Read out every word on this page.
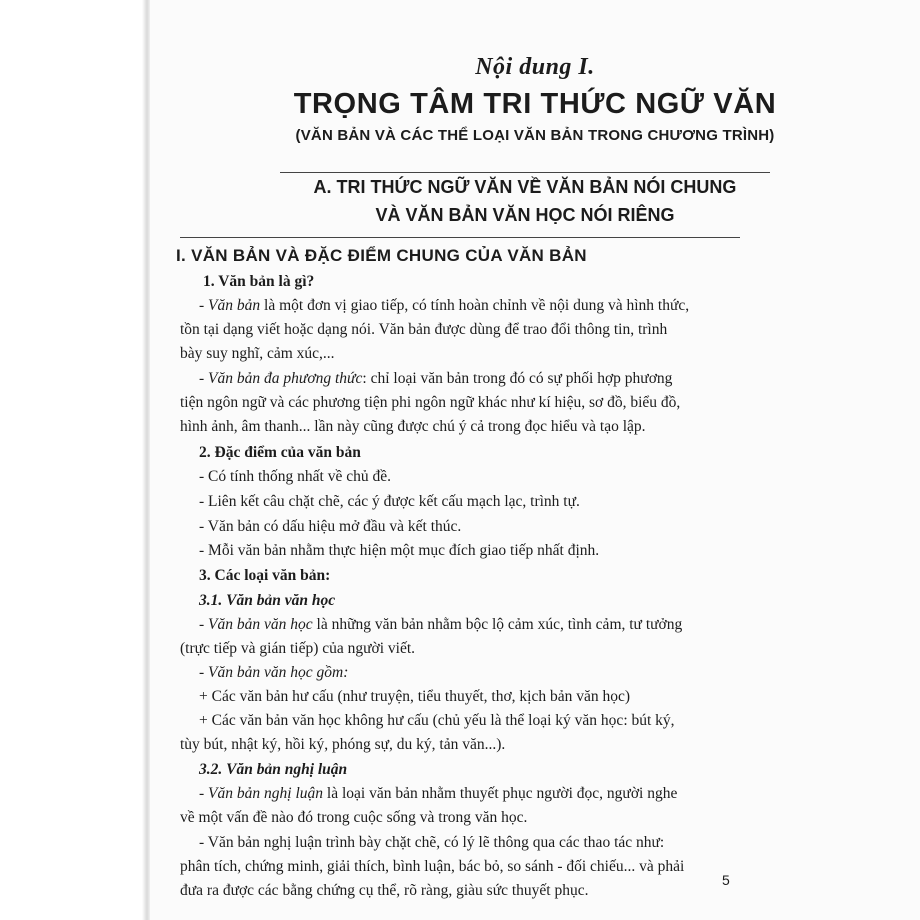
Nội dung I.
TRỌNG TÂM TRI THỨC NGỮ VĂN
(VĂN BẢN VÀ CÁC THỂ LOẠI VĂN BẢN TRONG CHƯƠNG TRÌNH)
A. TRI THỨC NGỮ VĂN VỀ VĂN BẢN NÓI CHUNG
VÀ VĂN BẢN VĂN HỌC NÓI RIÊNG
I. VĂN BẢN VÀ ĐẶC ĐIỂM CHUNG CỦA VĂN BẢN
1. Văn bản là gì?
- Văn bản là một đơn vị giao tiếp, có tính hoàn chỉnh về nội dung và hình thức,
tồn tại dạng viết hoặc dạng nói. Văn bản được dùng để trao đổi thông tin, trình
bày suy nghĩ, cảm xúc,...
- Văn bản đa phương thức: chỉ loại văn bản trong đó có sự phối hợp phương
tiện ngôn ngữ và các phương tiện phi ngôn ngữ khác như kí hiệu, sơ đồ, biểu đồ,
hình ảnh, âm thanh... lần này cũng được chú ý cả trong đọc hiểu và tạo lập.
2. Đặc điểm của văn bản
- Có tính thống nhất về chủ đề.
- Liên kết câu chặt chẽ, các ý được kết cấu mạch lạc, trình tự.
- Văn bản có dấu hiệu mở đầu và kết thúc.
- Mỗi văn bản nhằm thực hiện một mục đích giao tiếp nhất định.
3. Các loại văn bản:
3.1. Văn bản văn học
- Văn bản văn học là những văn bản nhằm bộc lộ cảm xúc, tình cảm, tư tưởng
(trực tiếp và gián tiếp) của người viết.
- Văn bản văn học gồm:
+ Các văn bản hư cấu (như truyện, tiểu thuyết, thơ, kịch bản văn học)
+ Các văn bản văn học không hư cấu (chủ yếu là thể loại ký văn học: bút ký,
tùy bút, nhật ký, hồi ký, phóng sự, du ký, tản văn...).
3.2. Văn bản nghị luận
- Văn bản nghị luận là loại văn bản nhằm thuyết phục người đọc, người nghe
về một vấn đề nào đó trong cuộc sống và trong văn học.
- Văn bản nghị luận trình bày chặt chẽ, có lý lẽ thông qua các thao tác như:
phân tích, chứng minh, giải thích, bình luận, bác bỏ, so sánh - đối chiếu... và phải
đưa ra được các bằng chứng cụ thể, rõ ràng, giàu sức thuyết phục.
5
